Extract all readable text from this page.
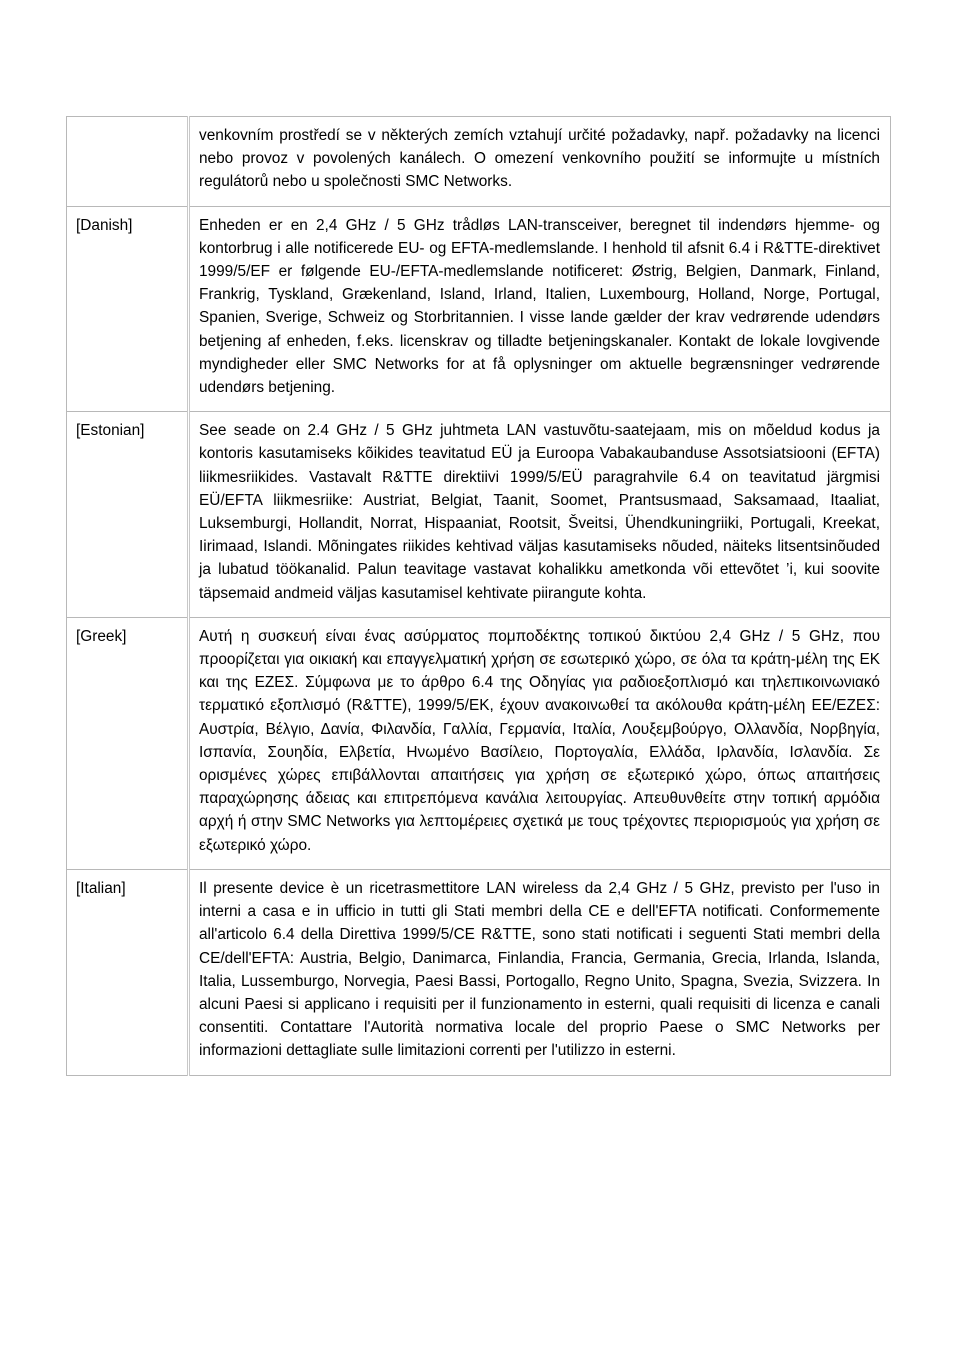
	venkovním prostředí se v některých zemích vztahují určité požadavky, např. požadavky na licenci nebo provoz v povolených kanálech. O omezení venkovního použití se informujte u místních regulátorů nebo u společnosti SMC Networks.
[Danish]	Enheden er en 2,4 GHz / 5 GHz trådløs LAN-transceiver, beregnet til indendørs hjemme- og kontorbrug i alle notificerede EU- og EFTA-medlemslande. I henhold til afsnit 6.4 i R&TTE-direktivet 1999/5/EF er følgende EU-/EFTA-medlemslande notificeret: Østrig, Belgien, Danmark, Finland, Frankrig, Tyskland, Grækenland, Island, Irland, Italien, Luxembourg, Holland, Norge, Portugal, Spanien, Sverige, Schweiz og Storbritannien. I visse lande gælder der krav vedrørende udendørs betjening af enheden, f.eks. licenskrav og tilladte betjeningskanaler. Kontakt de lokale lovgivende myndigheder eller SMC Networks for at få oplysninger om aktuelle begrænsninger vedrørende udendørs betjening.
[Estonian]	See seade on 2.4 GHz / 5 GHz juhtmeta LAN vastuvõtu-saatejaam, mis on mõeldud kodus ja kontoris kasutamiseks kõikides teavitatud EÜ ja Euroopa Vabakaubanduse Assotsiatsiooni (EFTA) liikmesriikides. Vastavalt R&TTE direktiivi 1999/5/EÜ paragrahvile 6.4 on teavitatud järgmisi EÜ/EFTA liikmesriike: Austriat, Belgiat, Taanit, Soomet, Prantsusmaad, Saksamaad, Itaaliat, Luksemburgi, Hollandit, Norrat, Hispaaniat, Rootsit, Šveitsi, Ühendkuningriiki, Portugali, Kreekat, Iirimaad, Islandi. Mõningates riikides kehtivad väljas kasutamiseks nõuded, näiteks litsentsinõuded ja lubatud töökanalid. Palun teavitage vastavat kohalikku ametkonda või ettevõtet ’i, kui soovite täpsemaid andmeid väljas kasutamisel kehtivate piirangute kohta.
[Greek]	Αυτή η συσκευή είναι ένας ασύρματος πομποδέκτης τοπικού δικτύου 2,4 GHz / 5 GHz, που προορίζεται για οικιακή και επαγγελματική χρήση σε εσωτερικό χώρο, σε όλα τα κράτη-μέλη της ΕΚ και της ΕΖΕΣ. Σύμφωνα με το άρθρο 6.4 της Οδηγίας για ραδιοεξοπλισμό και τηλεπικοινωνιακό τερματικό εξοπλισμό (R&TTE), 1999/5/ΕΚ, έχουν ανακοινωθεί τα ακόλουθα κράτη-μέλη ΕΕ/ΕΖΕΣ: Αυστρία, Βέλγιο, Δανία, Φιλανδία, Γαλλία, Γερμανία, Ιταλία, Λουξεμβούργο, Ολλανδία, Νορβηγία, Ισπανία, Σουηδία, Ελβετία, Ηνωμένο Βασίλειο, Πορτογαλία, Ελλάδα, Ιρλανδία, Ισλανδία. Σε ορισμένες χώρες επιβάλλονται απαιτήσεις για χρήση σε εξωτερικό χώρο, όπως απαιτήσεις παραχώρησης άδειας και επιτρεπόμενα κανάλια λειτουργίας. Απευθυνθείτε στην τοπική αρμόδια αρχή ή στην SMC Networks για λεπτομέρειες σχετικά με τους τρέχοντες περιορισμούς για χρήση σε εξωτερικό χώρο.
[Italian]	Il presente device è un ricetrasmettitore LAN wireless da 2,4 GHz / 5 GHz, previsto per l'uso in interni a casa e in ufficio in tutti gli Stati membri della CE e dell'EFTA notificati. Conformemente all'articolo 6.4 della Direttiva 1999/5/CE R&TTE, sono stati notificati i seguenti Stati membri della CE/dell'EFTA: Austria, Belgio, Danimarca, Finlandia, Francia, Germania, Grecia, Irlanda, Islanda, Italia, Lussemburgo, Norvegia, Paesi Bassi, Portogallo, Regno Unito, Spagna, Svezia, Svizzera. In alcuni Paesi si applicano i requisiti per il funzionamento in esterni, quali requisiti di licenza e canali consentiti. Contattare l'Autorità normativa locale del proprio Paese o SMC Networks per informazioni dettagliate sulle limitazioni correnti per l'utilizzo in esterni.
